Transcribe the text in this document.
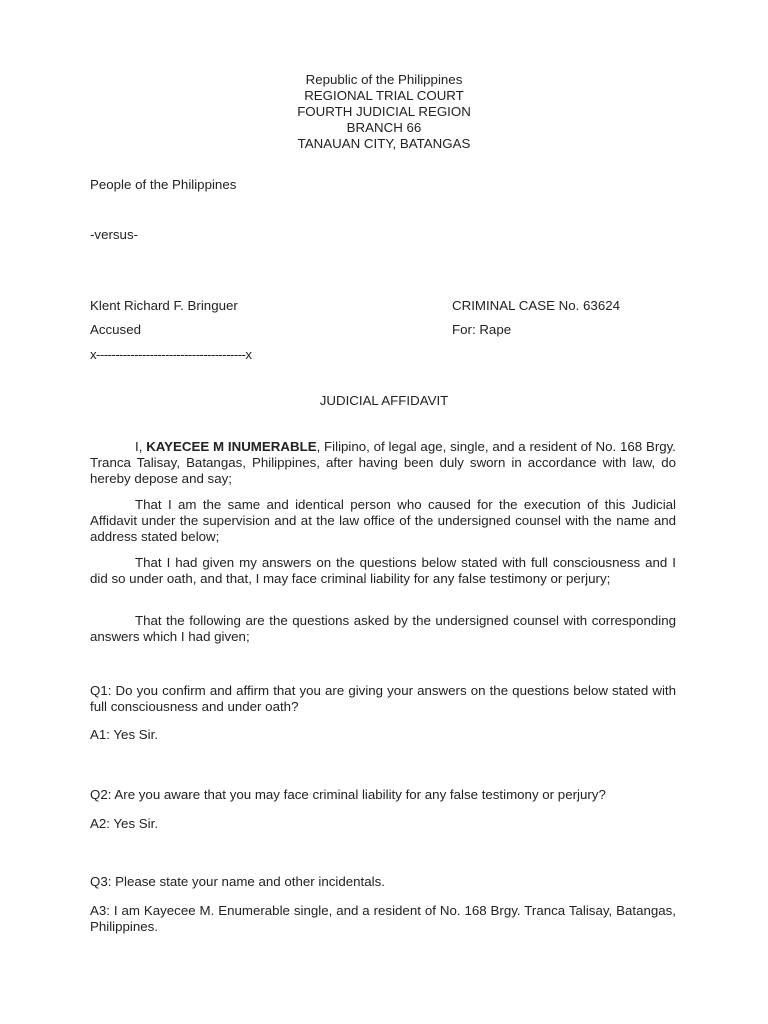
Republic of the Philippines
REGIONAL TRIAL COURT
FOURTH JUDICIAL REGION
BRANCH 66
TANAUAN CITY, BATANGAS
People of the Philippines
-versus-
Klent Richard F. Bringuer	CRIMINAL CASE No. 63624
Accused	For: Rape
x---------------------------------------x
JUDICIAL AFFIDAVIT
I, KAYECEE M INUMERABLE, Filipino, of legal age, single, and a resident of No. 168 Brgy. Tranca Talisay, Batangas, Philippines, after having been duly sworn in accordance with law, do hereby depose and say;
That I am the same and identical person who caused for the execution of this Judicial Affidavit under the supervision and at the law office of the undersigned counsel with the name and address stated below;
That I had given my answers on the questions below stated with full consciousness and I did so under oath, and that, I may face criminal liability for any false testimony or perjury;
That the following are the questions asked by the undersigned counsel with corresponding answers which I had given;
Q1: Do you confirm and affirm that you are giving your answers on the questions below stated with full consciousness and under oath?
A1: Yes Sir.
Q2: Are you aware that you may face criminal liability for any false testimony or perjury?
A2: Yes Sir.
Q3: Please state your name and other incidentals.
A3: I am Kayecee M. Enumerable single, and a resident of No. 168 Brgy. Tranca Talisay, Batangas, Philippines.
